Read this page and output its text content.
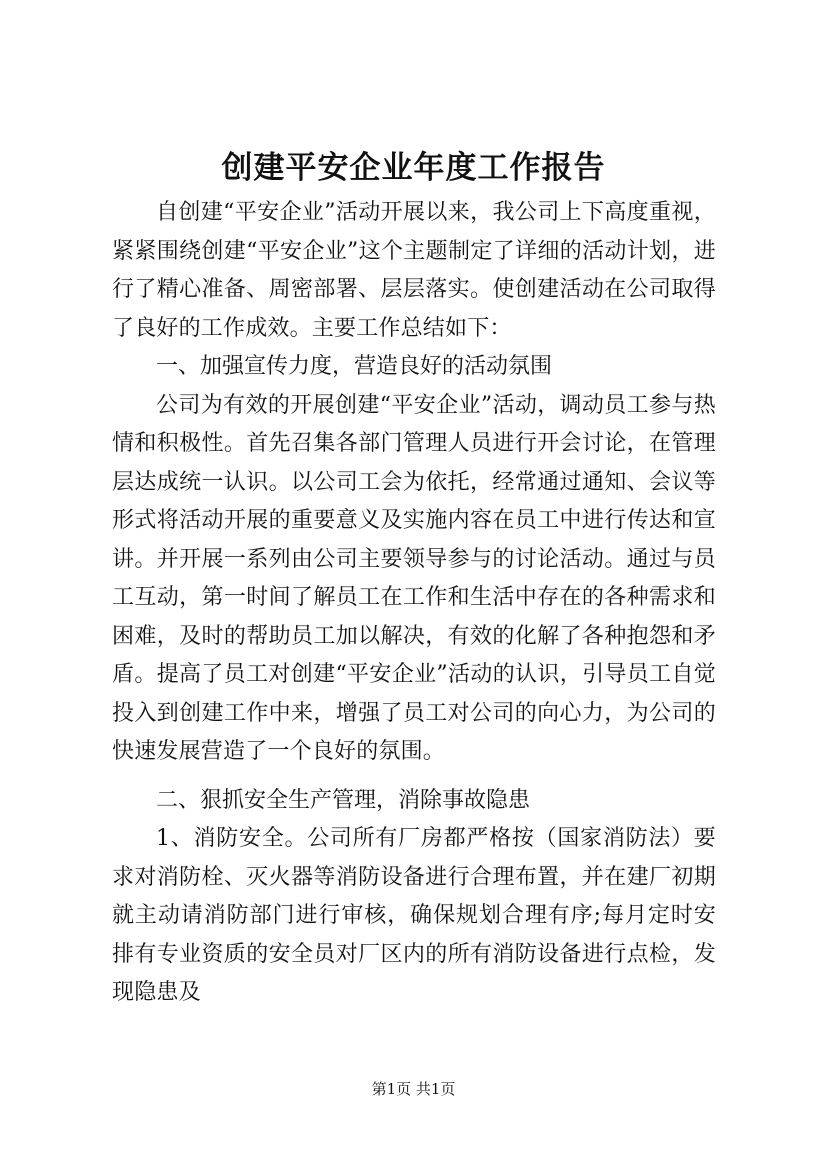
创建平安企业年度工作报告

自创建“平安企业”活动开展以来，我公司上下高度重视，紧紧围绕创建“平安企业”这个主题制定了详细的活动计划，进行了精心准备、周密部署、层层落实。使创建活动在公司取得了良好的工作成效。主要工作总结如下：

一、加强宣传力度，营造良好的活动氛围

公司为有效的开展创建“平安企业”活动，调动员工参与热情和积极性。首先召集各部门管理人员进行开会讨论，在管理层达成统一认识。以公司工会为依托，经常通过通知、会议等形式将活动开展的重要意义及实施内容在员工中进行传达和宣讲。并开展一系列由公司主要领导参与的讨论活动。通过与员工互动，第一时间了解员工在工作和生活中存在的各种需求和困难，及时的帮助员工加以解决，有效的化解了各种抱怨和矛盾。提高了员工对创建“平安企业”活动的认识，引导员工自觉投入到创建工作中来，增强了员工对公司的向心力，为公司的快速发展营造了一个良好的氛围。

二、狠抓安全生产管理，消除事故隐患

1、消防安全。公司所有厂房都严格按（国家消防法）要求对消防栓、灭火器等消防设备进行合理布置，并在建厂初期就主动请消防部门进行审核，确保规划合理有序;每月定时安排有专业资质的安全员对厂区内的所有消防设备进行点检，发现隐患及

第1页 共1页
